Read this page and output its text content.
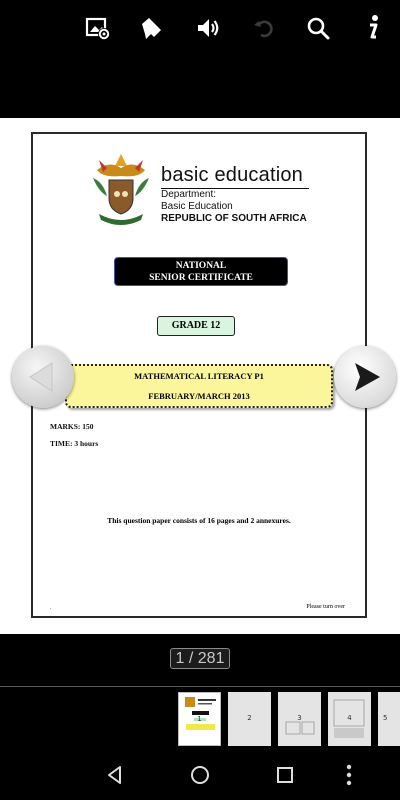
basic education
Department:
Basic Education
REPUBLIC OF SOUTH AFRICA
NATIONAL
SENIOR CERTIFICATE
GRADE 12
MATHEMATICAL LITERACY P1
FEBRUARY/MARCH 2013
MARKS: 150
TIME: 3 hours
This question paper consists of 16 pages and 2 annexures.
.	Please turn over
1 / 281
1	2	3	4	5
